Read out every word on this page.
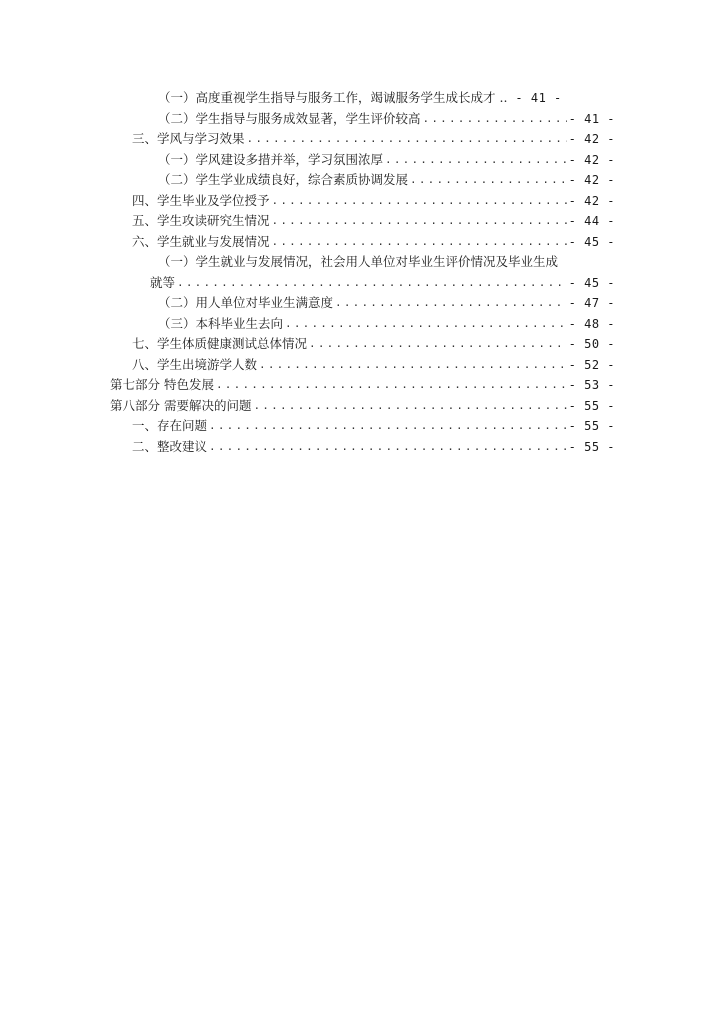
（一）高度重视学生指导与服务工作，竭诚服务学生成长成才 .. - 41 -
（二）学生指导与服务成效显著，学生评价较高 .....	- 41 -
三、学风与学习效果 .....	- 42 -
（一）学风建设多措并举，学习氛围浓厚 .....	- 42 -
（二）学生学业成绩良好，综合素质协调发展 .....	- 42 -
四、学生毕业及学位授予 .....	- 42 -
五、学生攻读研究生情况 .....	- 44 -
六、学生就业与发展情况 .....	- 45 -
（一）学生就业与发展情况，社会用人单位对毕业生评价情况及毕业生成
就等 .....	- 45 -
（二）用人单位对毕业生满意度 .....	- 47 -
（三）本科毕业生去向 .....	- 48 -
七、学生体质健康测试总体情况 .....	- 50 -
八、学生出境游学人数 .....	- 52 -
第七部分 特色发展 .....	- 53 -
第八部分 需要解决的问题 .....	- 55 -
一、存在问题 .....	- 55 -
二、整改建议 .....	- 55 -
